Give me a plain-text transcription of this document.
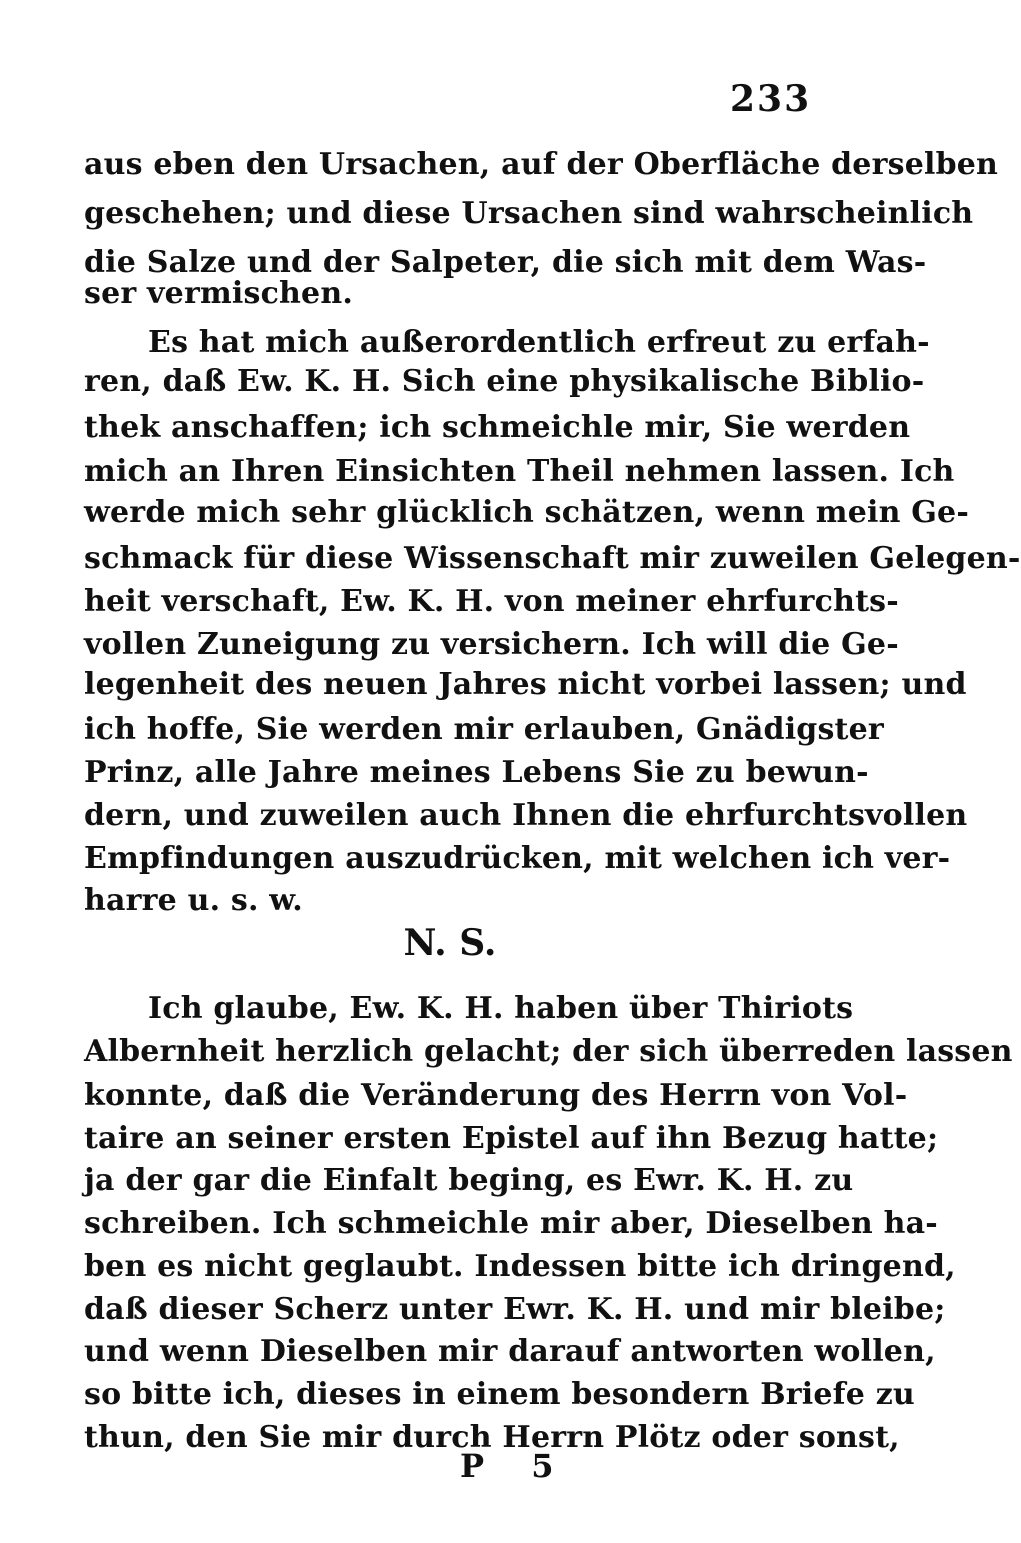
233
aus eben den Ursachen, auf der Oberfläche derselben
geschehen; und diese Ursachen sind wahrscheinlich
die Salze und der Salpeter, die sich mit dem Was-
ser vermischen.
Es hat mich außerordentlich erfreut zu erfah-
ren, daß Ew. K. H. Sich eine physikalische Biblio-
thek anschaffen; ich schmeichle mir, Sie werden
mich an Ihren Einsichten Theil nehmen lassen. Ich
werde mich sehr glücklich schätzen, wenn mein Ge-
schmack für diese Wissenschaft mir zuweilen Gelegen-
heit verschaft, Ew. K. H. von meiner ehrfurchts-
vollen Zuneigung zu versichern. Ich will die Ge-
legenheit des neuen Jahres nicht vorbei lassen; und
ich hoffe, Sie werden mir erlauben, Gnädigster
Prinz, alle Jahre meines Lebens Sie zu bewun-
dern, und zuweilen auch Ihnen die ehrfurchtsvollen
Empfindungen auszudrücken, mit welchen ich ver-
harre u. s. w.
N. S.
Ich glaube, Ew. K. H. haben über Thiriots
Albernheit herzlich gelacht; der sich überreden lassen
konnte, daß die Veränderung des Herrn von Vol-
taire an seiner ersten Epistel auf ihn Bezug hatte;
ja der gar die Einfalt beging, es Ewr. K. H. zu
schreiben. Ich schmeichle mir aber, Dieselben ha-
ben es nicht geglaubt. Indessen bitte ich dringend,
daß dieser Scherz unter Ewr. K. H. und mir bleibe;
und wenn Dieselben mir darauf antworten wollen,
so bitte ich, dieses in einem besondern Briefe zu
thun, den Sie mir durch Herrn Plötz oder sonst,
P 5
